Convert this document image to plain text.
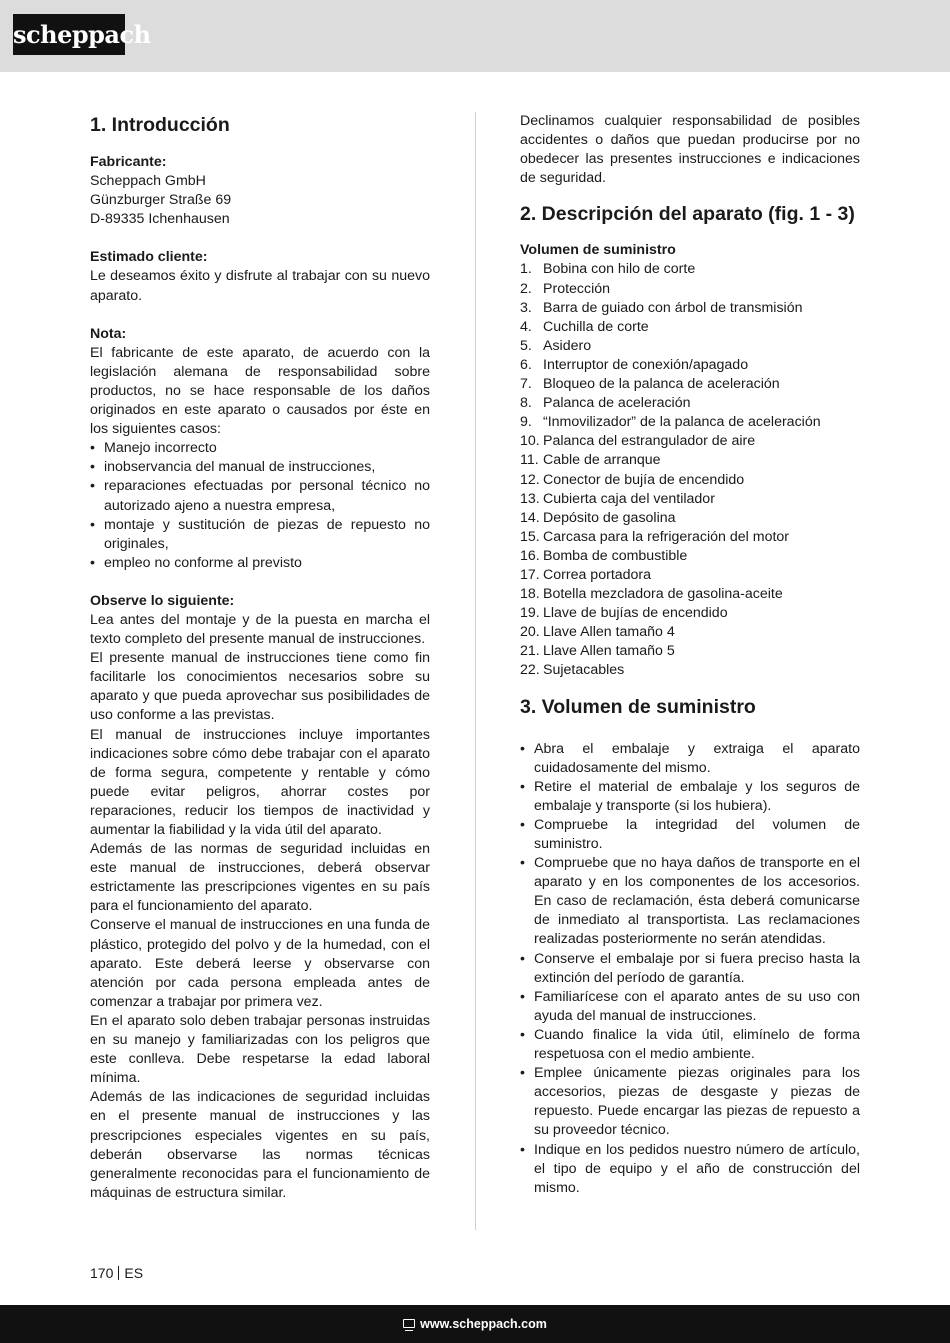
scheppach
1. Introducción
Fabricante:
Scheppach GmbH
Günzburger Straße 69
D-89335 Ichenhausen
Estimado cliente:

Le deseamos éxito y disfrute al trabajar con su nuevo aparato.

Nota:

El fabricante de este aparato, de acuerdo con la legislación alemana de responsabilidad sobre productos, no se hace responsable de los daños originados en este aparato o causados por éste en los siguientes casos:

• Manejo incorrecto
• inobservancia del manual de instrucciones,
• reparaciones efectuadas por personal técnico no autorizado ajeno a nuestra empresa,
• montaje y sustitución de piezas de repuesto no originales,
• empleo no conforme al previsto
Observe lo siguiente:

Lea antes del montaje y de la puesta en marcha el texto completo del presente manual de instrucciones.

El presente manual de instrucciones tiene como fin facilitarle los conocimientos necesarios sobre su aparato y que pueda aprovechar sus posibilidades de uso conforme a las previstas.

El manual de instrucciones incluye importantes indicaciones sobre cómo debe trabajar con el aparato de forma segura, competente y rentable y cómo puede evitar peligros, ahorrar costes por reparaciones, reducir los tiempos de inactividad y aumentar la fiabilidad y la vida útil del aparato.

Además de las normas de seguridad incluidas en este manual de instrucciones, deberá observar estrictamente las prescripciones vigentes en su país para el funcionamiento del aparato.

Conserve el manual de instrucciones en una funda de plástico, protegido del polvo y de la humedad, con el aparato. Este deberá leerse y observarse con atención por cada persona empleada antes de comenzar a trabajar por primera vez.

En el aparato solo deben trabajar personas instruidas en su manejo y familiarizadas con los peligros que este conlleva. Debe respetarse la edad laboral mínima.

Además de las indicaciones de seguridad incluidas en el presente manual de instrucciones y las prescripciones especiales vigentes en su país, deberán observarse las normas técnicas generalmente reconocidas para el funcionamiento de máquinas de estructura similar.

Declinamos cualquier responsabilidad de posibles accidentes o daños que puedan producirse por no obedecer las presentes instrucciones e indicaciones de seguridad.

2. Descripción del aparato (fig. 1 - 3)
Volumen de suministro
1. Bobina con hilo de corte
2. Protección
3. Barra de guiado con árbol de transmisión
4. Cuchilla de corte
5. Asidero
6. Interruptor de conexión/apagado
7. Bloqueo de la palanca de aceleración
8. Palanca de aceleración
9. “Inmovilizador” de la palanca de aceleración
10. Palanca del estrangulador de aire
11. Cable de arranque
12. Conector de bujía de encendido
13. Cubierta caja del ventilador
14. Depósito de gasolina
15. Carcasa para la refrigeración del motor
16. Bomba de combustible
17. Correa portadora
18. Botella mezcladora de gasolina-aceite
19. Llave de bujías de encendido
20. Llave Allen tamaño 4
21. Llave Allen tamaño 5
22. Sujetacables
3. Volumen de suministro
• Abra el embalaje y extraiga el aparato cuidadosamente del mismo.
• Retire el material de embalaje y los seguros de embalaje y transporte (si los hubiera).
• Compruebe la integridad del volumen de suministro.
• Compruebe que no haya daños de transporte en el aparato y en los componentes de los accesorios. En caso de reclamación, ésta deberá comunicarse de inmediato al transportista. Las reclamaciones realizadas posteriormente no serán atendidas.
• Conserve el embalaje por si fuera preciso hasta la extinción del período de garantía.
• Familiarícese con el aparato antes de su uso con ayuda del manual de instrucciones.
• Cuando finalice la vida útil, elimínelo de forma respetuosa con el medio ambiente.
• Emplee únicamente piezas originales para los accesorios, piezas de desgaste y piezas de repuesto. Puede encargar las piezas de repuesto a su proveedor técnico.
• Indique en los pedidos nuestro número de artículo, el tipo de equipo y el año de construcción del mismo.
170 ES
www.scheppach.com
